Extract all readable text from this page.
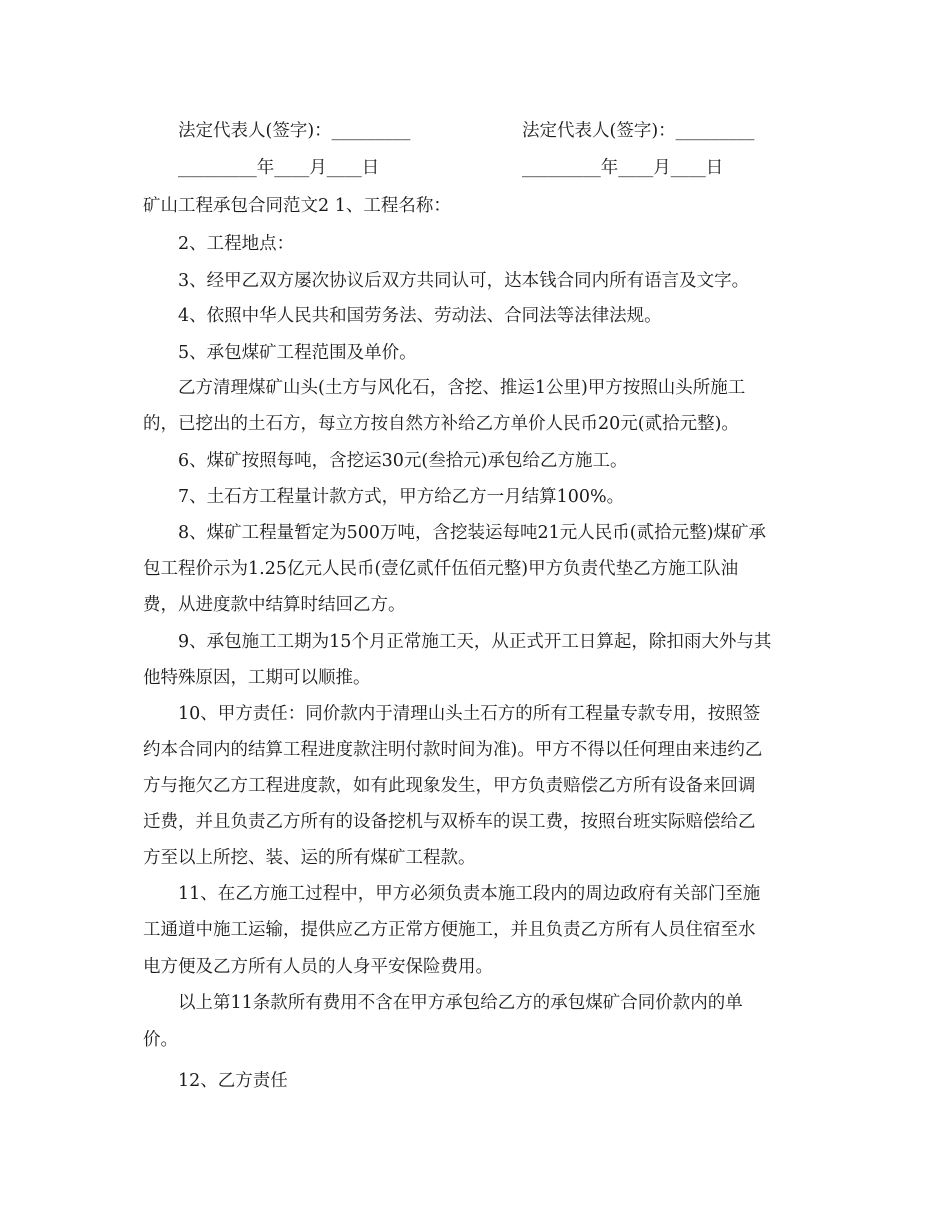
法定代表人(签字)：_________	法定代表人(签字)：_________
_________年____月____日	_________年____月____日
矿山工程承包合同范文2 1、工程名称：
2、工程地点：
3、经甲乙双方屡次协议后双方共同认可，达本钱合同内所有语言及文字。
4、依照中华人民共和国劳务法、劳动法、合同法等法律法规。
5、承包煤矿工程范围及单价。
乙方清理煤矿山头(土方与风化石，含挖、推运1公里)甲方按照山头所施工
的，已挖出的土石方，每立方按自然方补给乙方单价人民币20元(贰拾元整)。
6、煤矿按照每吨，含挖运30元(叁拾元)承包给乙方施工。
7、土石方工程量计款方式，甲方给乙方一月结算100%。
8、煤矿工程量暂定为500万吨，含挖装运每吨21元人民币(贰拾元整)煤矿承
包工程价示为1.25亿元人民币(壹亿贰仟伍佰元整)甲方负责代垫乙方施工队油
费，从进度款中结算时结回乙方。
9、承包施工工期为15个月正常施工天，从正式开工日算起，除扣雨大外与其
他特殊原因，工期可以顺推。
10、甲方责任：同价款内于清理山头土石方的所有工程量专款专用，按照签
约本合同内的结算工程进度款注明付款时间为准)。甲方不得以任何理由来违约乙
方与拖欠乙方工程进度款，如有此现象发生，甲方负责赔偿乙方所有设备来回调
迁费，并且负责乙方所有的设备挖机与双桥车的误工费，按照台班实际赔偿给乙
方至以上所挖、装、运的所有煤矿工程款。
11、在乙方施工过程中，甲方必须负责本施工段内的周边政府有关部门至施
工通道中施工运输，提供应乙方正常方便施工，并且负责乙方所有人员住宿至水
电方便及乙方所有人员的人身平安保险费用。
以上第11条款所有费用不含在甲方承包给乙方的承包煤矿合同价款内的单
价。
12、乙方责任
